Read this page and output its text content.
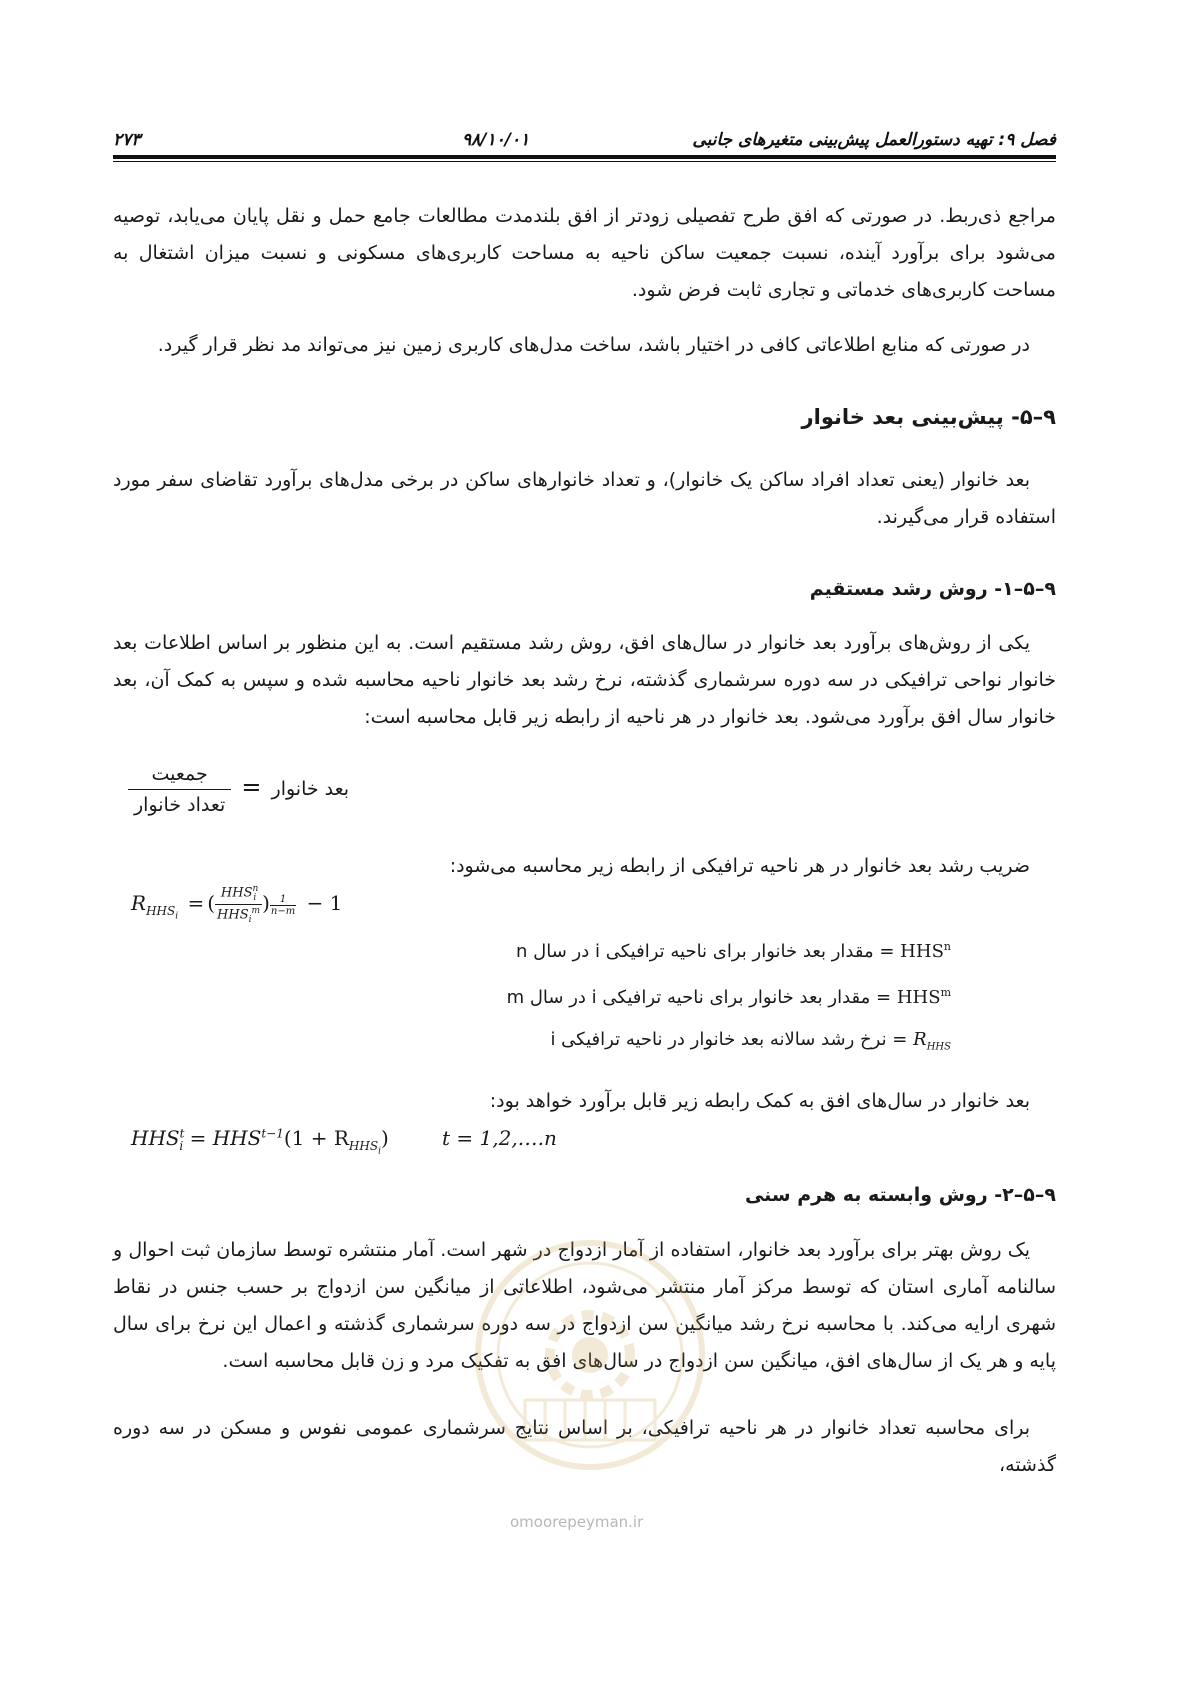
فصل ۹: تهیه دستورالعمل پیش‌بینی متغیرهای جانبی
۹۸/۱۰/۰۱
۲۷۳
مراجع ذی‌ربط. در صورتی که افق طرح تفصیلی زودتر از افق بلندمدت مطالعات جامع حمل و نقل پایان می‌یابد، توصیه می‌شود برای برآورد آینده، نسبت جمعیت ساکن ناحیه به مساحت کاربری‌های مسکونی و نسبت میزان اشتغال به مساحت کاربری‌های خدماتی و تجاری ثابت فرض شود.
در صورتی که منابع اطلاعاتی کافی در اختیار باشد، ساخت مدل‌های کاربری زمین نیز می‌تواند مد نظر قرار گیرد.
۹–۵- پیش‌بینی بعد خانوار
بعد خانوار (یعنی تعداد افراد ساکن یک خانوار)، و تعداد خانوارهای ساکن در برخی مدل‌های برآورد تقاضای سفر مورد استفاده قرار می‌گیرند.
۹–۵–۱- روش رشد مستقیم
یکی از روش‌های برآورد بعد خانوار در سال‌های افق، روش رشد مستقیم است. به این منظور بر اساس اطلاعات بعد خانوار نواحی ترافیکی در سه دوره سرشماری گذشته، نرخ رشد بعد خانوار ناحیه محاسبه شده و سپس به کمک آن، بعد خانوار سال افق برآورد می‌شود. بعد خانوار در هر ناحیه از رابطه زیر قابل محاسبه است:
بعد خانوار =
$\frac{\text{جمعیت}}{\text{تعداد خانوار}}$
ضریب رشد بعد خانوار در هر ناحیه ترافیکی از رابطه زیر محاسبه می‌شود:
$R_{HHS_i}$ = ( $\frac{HHS^n_i}{HHS_i^m}$ ) $^{\frac{1}{n-m}}$ − 1
$HHS^n$ = مقدار بعد خانوار برای ناحیه ترافیکی i در سال n
$HHS^m$ = مقدار بعد خانوار برای ناحیه ترافیکی i در سال m
$R_{HHS}$ = نرخ رشد سالانه بعد خانوار در ناحیه ترافیکی i
بعد خانوار در سال‌های افق به کمک رابطه زیر قابل برآورد خواهد بود:
$HHS^t_i = HHS^{t-1}(1 + R_{HHS_i})$	t = 1,2,….n
۹–۵–۲- روش وابسته به هرم سنی
یک روش بهتر برای برآورد بعد خانوار، استفاده از آمار ازدواج در شهر است. آمار منتشره توسط سازمان ثبت احوال و سالنامه آماری استان که توسط مرکز آمار منتشر می‌شود، اطلاعاتی از میانگین سن ازدواج بر حسب جنس در نقاط شهری ارایه می‌کند. با محاسبه نرخ رشد میانگین سن ازدواج در سه دوره سرشماری گذشته و اعمال این نرخ برای سال پایه و هر یک از سال‌های افق، میانگین سن ازدواج در سال‌های افق به تفکیک مرد و زن قابل محاسبه است.
برای محاسبه تعداد خانوار در هر ناحیه ترافیکی، بر اساس نتایج سرشماری عمومی نفوس و مسکن در سه دوره گذشته،
omoorepeyman.ir
